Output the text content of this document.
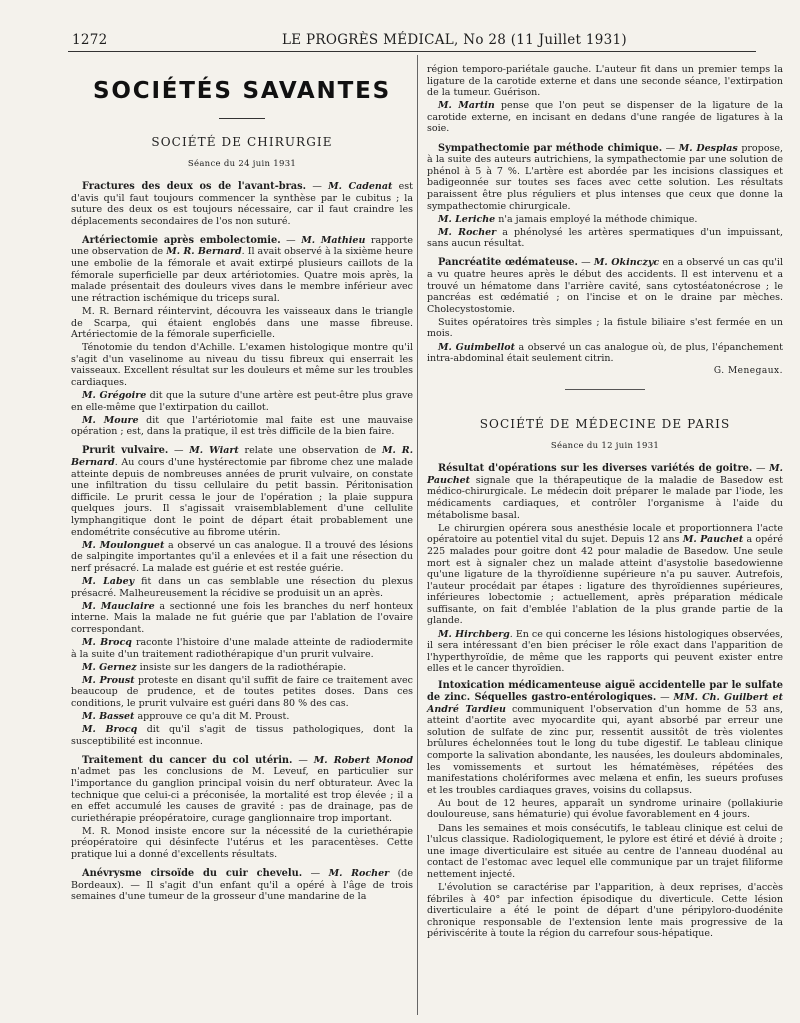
1272	LE PROGRÈS MÉDICAL, No 28 (11 Juillet 1931)
SOCIÉTÉS SAVANTES
SOCIÉTÉ DE CHIRURGIE
Séance du 24 juin 1931

Fractures des deux os de l'avant-bras. — M. Cadenat est d'avis qu'il faut toujours commencer la synthèse par le cubitus ; la suture des deux os est toujours nécessaire, car il faut craindre les déplacements secondaires de l'os non suturé.

Artériectomie après embolectomie. — M. Mathieu rapporte une observation de M. R. Bernard. Il avait observé à la sixième heure une embolie de la fémorale et avait extirpé plusieurs caillots de la fémorale superficielle par deux artériotomies. Quatre mois après, la malade présentait des douleurs vives dans le membre inférieur avec une rétraction ischémique du triceps sural.

M. R. Bernard réintervint, découvra les vaisseaux dans le triangle de Scarpa, qui étaient englobés dans une masse fibreuse. Artériectomie de la fémorale superficielle.

Ténotomie du tendon d'Achille. L'examen histologique montre qu'il s'agit d'un vaselinome au niveau du tissu fibreux qui enserrait les vaisseaux. Excellent résultat sur les douleurs et même sur les troubles cardiaques.

M. Grégoire dit que la suture d'une artère est peut-être plus grave en elle-même que l'extirpation du caillot.

M. Moure dit que l'artériotomie mal faite est une mauvaise opération ; est, dans la pratique, il est très difficile de la bien faire.

Prurit vulvaire. — M. Wiart relate une observation de M. R. Bernard. Au cours d'une hystérectomie par fibrome chez une malade atteinte depuis de nombreuses années de prurit vulvaire, on constate une infiltration du tissu cellulaire du petit bassin. Péritonisation difficile. Le prurit cessa le jour de l'opération ; la plaie suppura quelques jours. Il s'agissait vraisemblablement d'une cellulite lymphangitique dont le point de départ était probablement une endométrite consécutive au fibrome utérin.

M. Moulonguet a observé un cas analogue. Il a trouvé des lésions de salpingite importantes qu'il a enlevées et il a fait une résection du nerf présacré. La malade est guérie et est restée guérie.

M. Labey fit dans un cas semblable une résection du plexus présacré. Malheureusement la récidive se produisit un an après.

M. Mauclaire a sectionné une fois les branches du nerf honteux interne. Mais la malade ne fut guérie que par l'ablation de l'ovaire correspondant.

M. Brocq raconte l'histoire d'une malade atteinte de radiodermite à la suite d'un traitement radiothérapique d'un prurit vulvaire.

M. Gernez insiste sur les dangers de la radiothérapie.

M. Proust proteste en disant qu'il suffit de faire ce traitement avec beaucoup de prudence, et de toutes petites doses. Dans ces conditions, le prurit vulvaire est guéri dans 80 % des cas.

M. Basset approuve ce qu'a dit M. Proust.

M. Brocq dit qu'il s'agit de tissus pathologiques, dont la susceptibilité est inconnue.

Traitement du cancer du col utérin. — M. Robert Monod n'admet pas les conclusions de M. Leveuf, en particulier sur l'importance du ganglion principal voisin du nerf obturateur. Avec la technique que celui-ci a préconisée, la mortalité est trop élevée ; il a en effet accumulé les causes de gravité : pas de drainage, pas de curiethérapie préopératoire, curage ganglionnaire trop important.

M. R. Monod insiste encore sur la nécessité de la curiethérapie préopératoire qui désinfecte l'utérus et les paracentèses. Cette pratique lui a donné d'excellents résultats.

Anévrysme cirsoïde du cuir chevelu. — M. Rocher (de Bordeaux). — Il s'agit d'un enfant qu'il a opéré à l'âge de trois semaines d'une tumeur de la grosseur d'une mandarine de la

région temporo-pariétale gauche. L'auteur fit dans un premier temps la ligature de la carotide externe et dans une seconde séance, l'extirpation de la tumeur. Guérison.

M. Martin pense que l'on peut se dispenser de la ligature de la carotide externe, en incisant en dedans d'une rangée de ligatures à la soie.

Sympathectomie par méthode chimique. — M. Desplas propose, à la suite des auteurs autrichiens, la sympathectomie par une solution de phénol à 5 à 7 %. L'artère est abordée par les incisions classiques et badigeonnée sur toutes ses faces avec cette solution. Les résultats paraissent être plus réguliers et plus intenses que ceux que donne la sympathectomie chirurgicale.

M. Leriche n'a jamais employé la méthode chimique.

M. Rocher a phénolysé les artères spermatiques d'un impuissant, sans aucun résultat.

Pancréatite œdémateuse. — M. Okinczyc en a observé un cas qu'il a vu quatre heures après le début des accidents. Il est intervenu et a trouvé un hématome dans l'arrière cavité, sans cytostéatonécrose ; le pancréas est œdématié ; on l'incise et on le draine par mèches. Cholecystostomie.

Suites opératoires très simples ; la fistule biliaire s'est fermée en un mois.

M. Guimbellot a observé un cas analogue où, de plus, l'épanchement intra-abdominal était seulement citrin.

G. Menegaux.
SOCIÉTÉ DE MÉDECINE DE PARIS
Séance du 12 juin 1931

Résultat d'opérations sur les diverses variétés de goitre. — M. Pauchet signale que la thérapeutique de la maladie de Basedow est médico-chirurgicale. Le médecin doit préparer le malade par l'iode, les médicaments cardiaques, et contrôler l'organisme à l'aide du métabolisme basal.

Le chirurgien opérera sous anesthésie locale et proportionnera l'acte opératoire au potentiel vital du sujet. Depuis 12 ans M. Pauchet a opéré 225 malades pour goitre dont 42 pour maladie de Basedow. Une seule mort est à signaler chez un malade atteint d'asystolie basedowienne qu'une ligature de la thyroïdienne supérieure n'a pu sauver. Autrefois, l'auteur procédait par étapes : ligature des thyroïdiennes supérieures, inférieures lobectomie ; actuellement, après préparation médicale suffisante, on fait d'emblée l'ablation de la plus grande partie de la glande.

M. Hirchberg. En ce qui concerne les lésions histologiques observées, il sera intéressant d'en bien préciser le rôle exact dans l'apparition de l'hyperthyroïdie, de même que les rapports qui peuvent exister entre elles et le cancer thyroïdien.

Intoxication médicamenteuse aiguë accidentelle par le sulfate de zinc. Séquelles gastro-entérologiques. — MM. Ch. Guilbert et André Tardieu communiquent l'observation d'un homme de 53 ans, atteint d'aortite avec myocardite qui, ayant absorbé par erreur une solution de sulfate de zinc pur, ressentit aussitôt de très violentes brûlures échelonnées tout le long du tube digestif. Le tableau clinique comporte la salivation abondante, les nausées, les douleurs abdominales, les vomissements et surtout les hématémèses, répétées des manifestations cholériformes avec melæna et enfin, les sueurs profuses et les troubles cardiaques graves, voisins du collapsus.

Au bout de 12 heures, apparaît un syndrome urinaire (pollakiurie douloureuse, sans hématurie) qui évolue favorablement en 4 jours.

Dans les semaines et mois consécutifs, le tableau clinique est celui de l'ulcus classique. Radiologiquement, le pylore est étiré et dévié à droite ; une image diverticulaire est située au centre de l'anneau duodénal au contact de l'estomac avec lequel elle communique par un trajet filiforme nettement injecté.

L'évolution se caractérise par l'apparition, à deux reprises, d'accès fébriles à 40° par infection épisodique du diverticule. Cette lésion diverticulaire a été le point de départ d'une péripyloro-duodénite chronique responsable de l'extension lente mais progressive de la périviscérite à toute la région du carrefour sous-hépatique.
